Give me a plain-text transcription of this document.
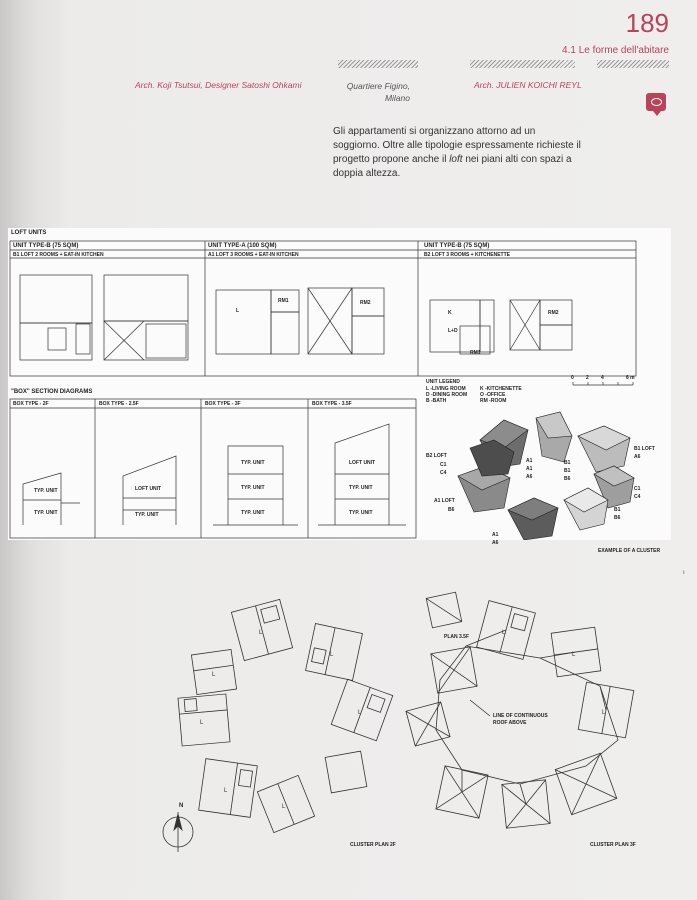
189
4.1 Le forme dell'abitare
Arch. Koji Tsutsui, Designer Satoshi Ohkami	Quartiere Figino,
Milano
Arch. JULIEN KOICHI REYL
Gli appartamenti si organizzano attorno ad un soggiorno. Oltre alle tipologie espressamente richieste il progetto propone anche il loft nei piani alti con spazi a doppia altezza.
LOFT UNITS
UNIT TYPE-B (75 SQM)
B1 LOFT 2 ROOMS + EAT-IN KITCHEN
UNIT TYPE-A (100 SQM)
A1 LOFT 3 ROOMS + EAT-IN KITCHEN
UNIT TYPE-B (75 SQM)
B2 LOFT 3 ROOMS + KITCHENETTE
L
RM1	RM2
L+D
K
RM1
RM2
"BOX" SECTION DIAGRAMS
BOX TYPE - 2F	BOX TYPE - 2.5F	BOX TYPE - 3F	BOX TYPE - 3.5F
TYP. UNIT
TYP. UNIT
LOFT UNIT
TYP. UNIT
TYP. UNIT
TYP. UNIT
TYP. UNIT
LOFT UNIT
TYP. UNIT
TYP. UNIT
UNIT LEGEND
L -LIVING ROOM
D -DINING ROOM
B -BATH
K -KITCHENETTE
O -OFFICE
RM -ROOM
0 2 4	6 m
B1 LOFT
A6
B2 LOFT
C1
C4
A1
A1
A6
B1
B1
B6
C1
C4
B1
B6
A1 LOFT
B6
A1
A6
EXAMPLE OF A CLUSTER
ı
L
L
L
L
L
L
L
L
L
L
N
PLAN 3.5F
LINE OF CONTINUOUS
ROOF ABOVE
CLUSTER PLAN 2F	CLUSTER PLAN 3F
